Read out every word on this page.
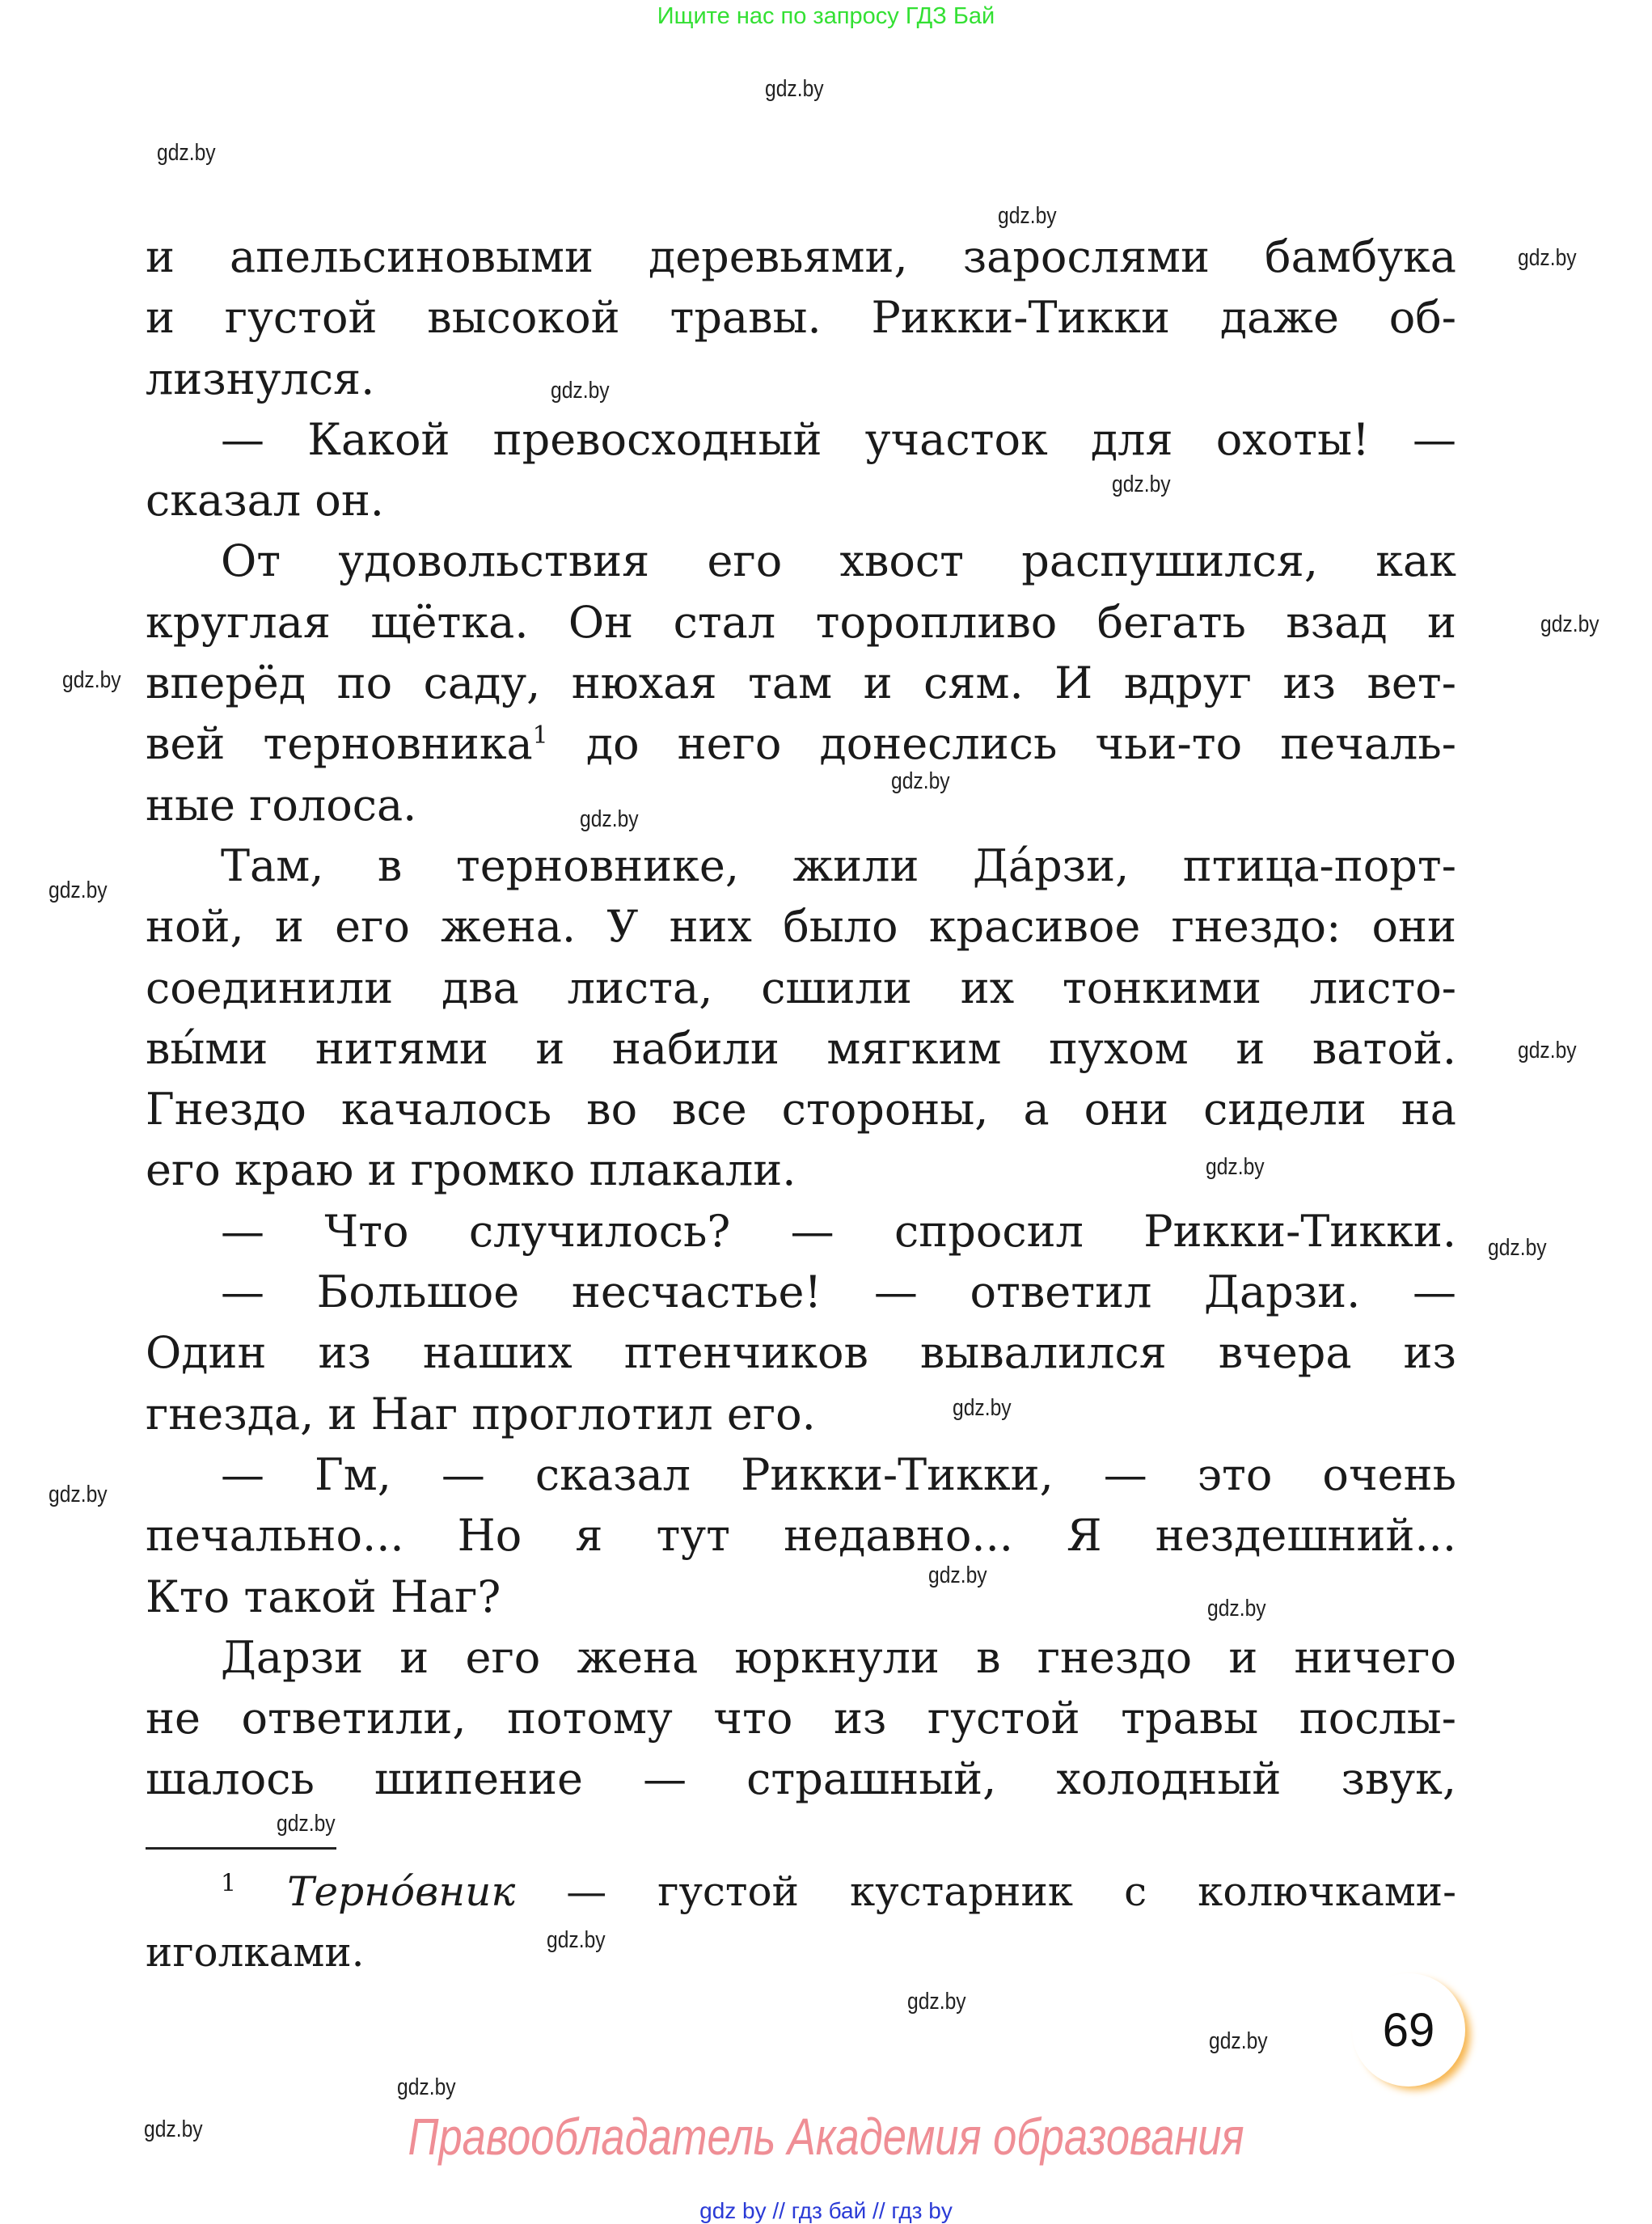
Ищите нас по запросу ГДЗ Бай
gdz.by
gdz.by
gdz.by
gdz.by
gdz.by
gdz.by
gdz.by
gdz.by
gdz.by
gdz.by
gdz.by
gdz.by
gdz.by
gdz.by
gdz.by
gdz.by
gdz.by
gdz.by
gdz.by
gdz.by
gdz.by
gdz.by
gdz.by
gdz.by
и апельсиновыми деревьями, зарослями бамбука
и густой высокой травы. Рикки-Тикки даже об-
лизнулся.
— Какой превосходный участок для охоты! —
сказал он.
От удовольствия его хвост распушился, как
круглая щётка. Он стал торопливо бегать взад и
вперёд по саду, нюхая там и сям. И вдруг из вет-
вей терновника$^1$ до него донеслись чьи-то печаль-
ные голоса.
Там, в терновнике, жили Да́рзи, птица-порт-
ной, и его жена. У них было красивое гнездо: они
соединили два листа, сшили их тонкими листо-
вы́ми нитями и набили мягким пухом и ватой.
Гнездо качалось во все стороны, а они сидели на
его краю и громко плакали.
— Что случилось? — спросил Рикки-Тикки.
— Большое несчастье! — ответил Дарзи. —
Один из наших птенчиков вывалился вчера из
гнезда, и Наг проглотил его.
— Гм, — сказал Рикки-Тикки, — это очень
печально... Но я тут недавно... Я нездешний...
Кто такой Наг?
Дарзи и его жена юркнули в гнездо и ничего
не ответили, потому что из густой травы послы-
шалось шипение — страшный, холодный звук,
$^1$ Терно́вник — густой кустарник с колючками-
иголками.
69
Правообладатель Академия образования
gdz by // гдз бай // гдз by
